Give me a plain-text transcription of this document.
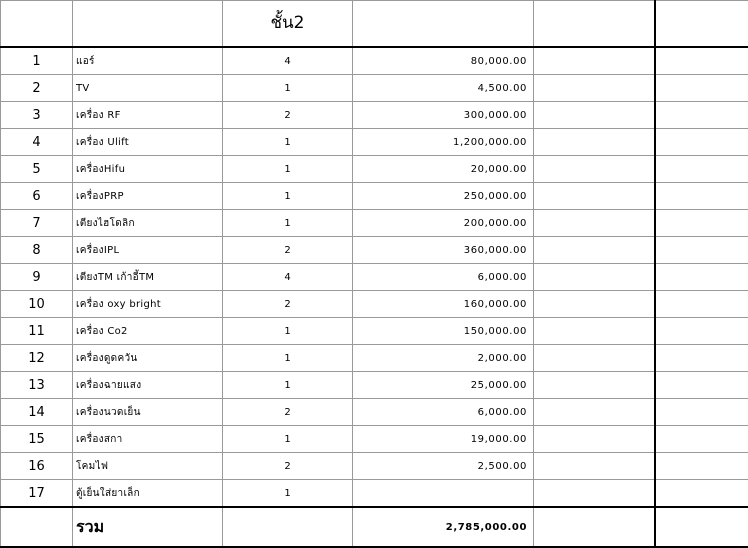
		ชั้น2			
1	แอร์	4	80,000.00		
2	TV	1	4,500.00		
3	เครื่อง RF	2	300,000.00		
4	เครื่อง Ulift	1	1,200,000.00		
5	เครื่องHifu	1	20,000.00		
6	เครื่องPRP	1	250,000.00		
7	เตียงไฮโดลิก	1	200,000.00		
8	เครื่องIPL	2	360,000.00		
9	เตียงTM เก้าอี้TM	4	6,000.00		
10	เครื่อง oxy bright	2	160,000.00		
11	เครื่อง Co2	1	150,000.00		
12	เครื่องดูดควัน	1	2,000.00		
13	เครื่องฉายแสง	1	25,000.00		
14	เครื่องนวดเย็น	2	6,000.00		
15	เครื่องสกา	1	19,000.00		
16	โคมไฟ	2	2,500.00		
17	ตู้เย็นใส่ยาเล็ก	1			
	รวม		2,785,000.00		
